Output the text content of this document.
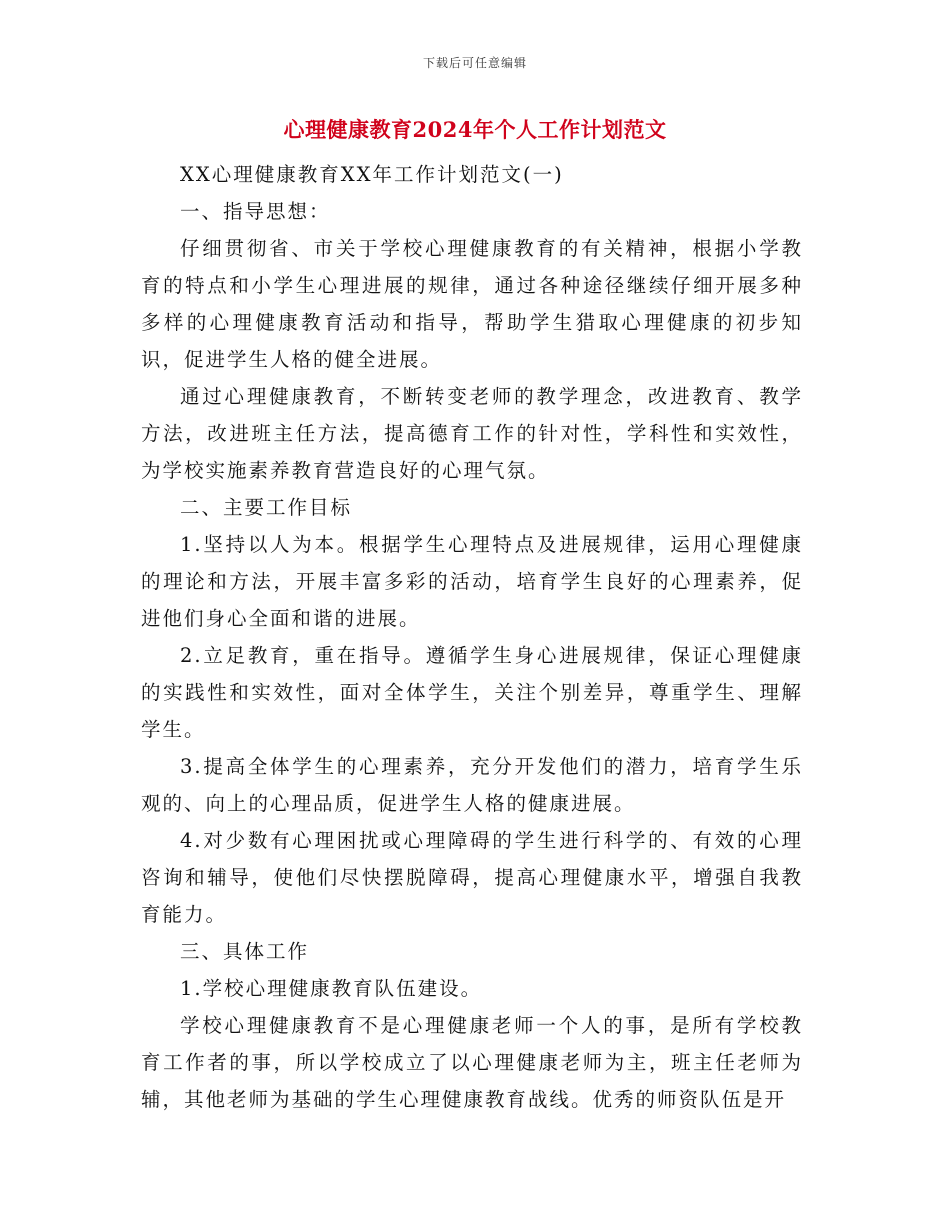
下载后可任意编辑
心理健康教育2024年个人工作计划范文

XX心理健康教育XX年工作计划范文(一)

一、指导思想：

仔细贯彻省、市关于学校心理健康教育的有关精神，根据小学教育的特点和小学生心理进展的规律，通过各种途径继续仔细开展多种多样的心理健康教育活动和指导，帮助学生猎取心理健康的初步知识，促进学生人格的健全进展。

通过心理健康教育，不断转变老师的教学理念，改进教育、教学方法，改进班主任方法，提高德育工作的针对性，学科性和实效性，为学校实施素养教育营造良好的心理气氛。

二、主要工作目标

1.坚持以人为本。根据学生心理特点及进展规律，运用心理健康的理论和方法，开展丰富多彩的活动，培育学生良好的心理素养，促进他们身心全面和谐的进展。

2.立足教育，重在指导。遵循学生身心进展规律，保证心理健康的实践性和实效性，面对全体学生，关注个别差异，尊重学生、理解学生。

3.提高全体学生的心理素养，充分开发他们的潜力，培育学生乐观的、向上的心理品质，促进学生人格的健康进展。

4.对少数有心理困扰或心理障碍的学生进行科学的、有效的心理咨询和辅导，使他们尽快摆脱障碍，提高心理健康水平，增强自我教育能力。

三、具体工作

1.学校心理健康教育队伍建设。

学校心理健康教育不是心理健康老师一个人的事，是所有学校教育工作者的事，所以学校成立了以心理健康老师为主，班主任老师为辅，其他老师为基础的学生心理健康教育战线。优秀的师资队伍是开
